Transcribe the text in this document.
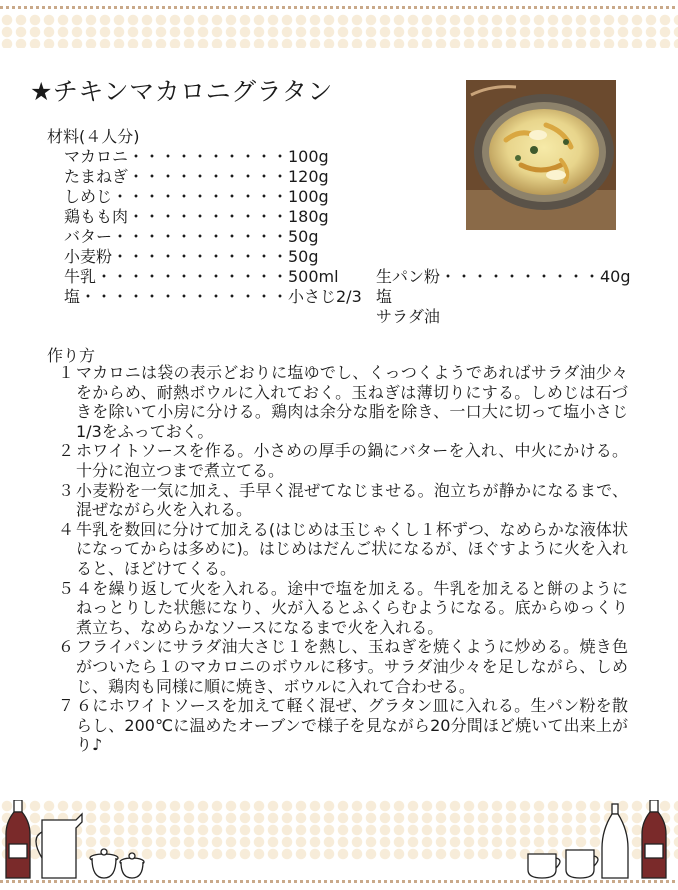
★チキンマカロニグラタン
材料(４人分)
マカロニ・・・・・・・・・・100g
たまねぎ・・・・・・・・・・120g
しめじ・・・・・・・・・・・100g
鶏もも肉・・・・・・・・・・180g
バター・・・・・・・・・・・50g
小麦粉・・・・・・・・・・・50g
牛乳・・・・・・・・・・・・500ml
塩・・・・・・・・・・・・・小さじ2/3
生パン粉・・・・・・・・・・40g
塩
サラダ油
作り方
１ マカロニは袋の表示どおりに塩ゆでし、くっつくようであればサラダ油少々をからめ、耐熱ボウルに入れておく。玉ねぎは薄切りにする。しめじは石づきを除いて小房に分ける。鶏肉は余分な脂を除き、一口大に切って塩小さじ1/3をふっておく。
２ ホワイトソースを作る。小さめの厚手の鍋にバターを入れ、中火にかける。十分に泡立つまで煮立てる。
３ 小麦粉を一気に加え、手早く混ぜてなじませる。泡立ちが静かになるまで、混ぜながら火を入れる。
４ 牛乳を数回に分けて加える(はじめは玉じゃくし１杯ずつ、なめらかな液体状になってからは多めに)。はじめはだんご状になるが、ほぐすように火を入れると、ほどけてくる。
５ ４を繰り返して火を入れる。途中で塩を加える。牛乳を加えると餅のようにねっとりした状態になり、火が入るとふくらむようになる。底からゆっくり煮立ち、なめらかなソースになるまで火を入れる。
６ フライパンにサラダ油大さじ１を熱し、玉ねぎを焼くように炒める。焼き色がついたら１のマカロニのボウルに移す。サラダ油少々を足しながら、しめじ、鶏肉も同様に順に焼き、ボウルに入れて合わせる。
７ ６にホワイトソースを加えて軽く混ぜ、グラタン皿に入れる。生パン粉を散らし、200℃に温めたオーブンで様子を見ながら20分間ほど焼いて出来上がり♪
